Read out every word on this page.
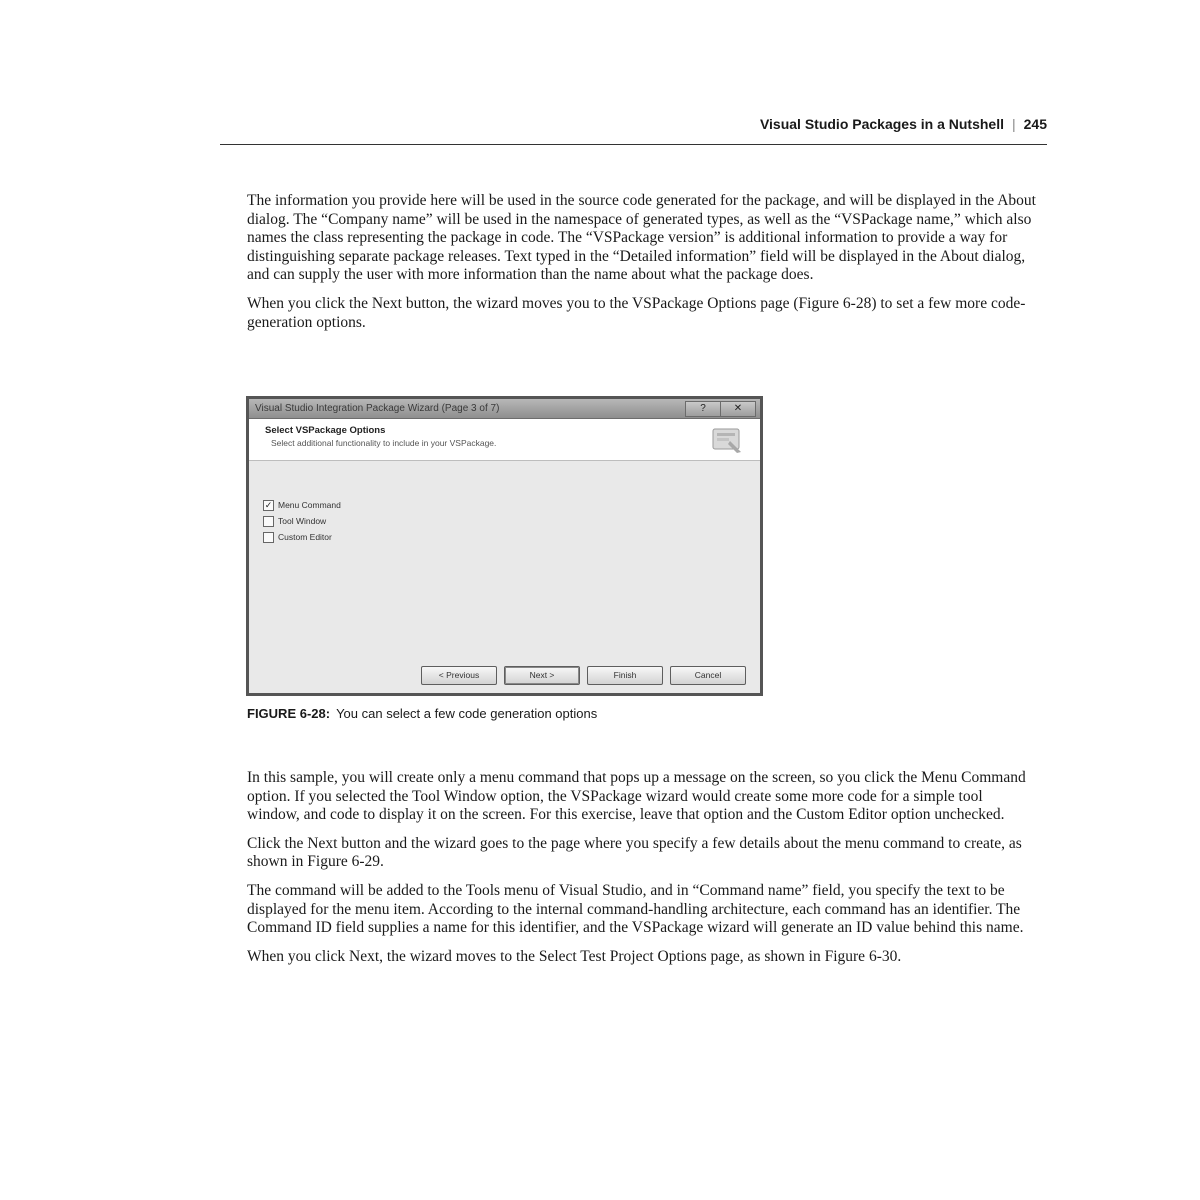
Visual Studio Packages in a Nutshell | 245

The information you provide here will be used in the source code generated for the package, and will be displayed in the About dialog. The “Company name” will be used in the namespace of generated types, as well as the “VSPackage name,” which also names the class representing the package in code. The “VSPackage version” is additional information to provide a way for distinguishing separate package releases. Text typed in the “Detailed information” field will be displayed in the About dialog, and can supply the user with more information than the name about what the package does.

When you click the Next button, the wizard moves you to the VSPackage Options page (Figure 6-28) to set a few more code-generation options.

Visual Studio Integration Package Wizard (Page 3 of 7)	?	✕
Select VSPackage Options
Select additional functionality to include in your VSPackage.
✓ Menu Command
Tool Window
Custom Editor
< Previous	Next >	Finish	Cancel
FIGURE 6-28: You can select a few code generation options

In this sample, you will create only a menu command that pops up a message on the screen, so you click the Menu Command option. If you selected the Tool Window option, the VSPackage wizard would create some more code for a simple tool window, and code to display it on the screen. For this exercise, leave that option and the Custom Editor option unchecked.

Click the Next button and the wizard goes to the page where you specify a few details about the menu command to create, as shown in Figure 6-29.

The command will be added to the Tools menu of Visual Studio, and in “Command name” field, you specify the text to be displayed for the menu item. According to the internal command-handling architecture, each command has an identifier. The Command ID field supplies a name for this identifier, and the VSPackage wizard will generate an ID value behind this name.

When you click Next, the wizard moves to the Select Test Project Options page, as shown in Figure 6-30.
